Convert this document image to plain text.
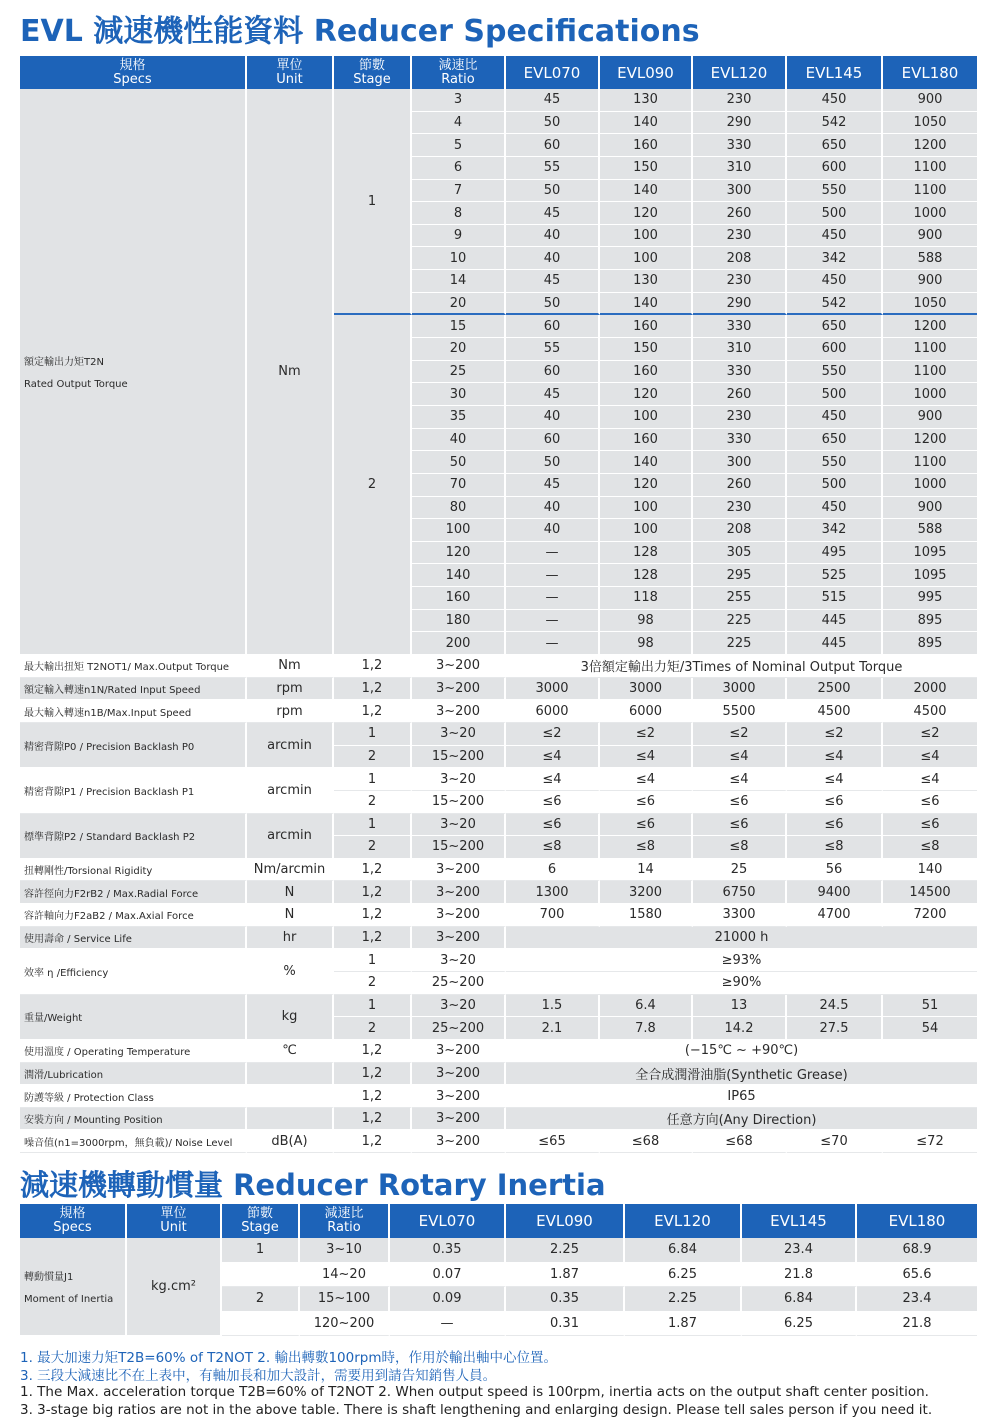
EVL 減速機性能資料 Reducer Specifications
規格
Specs	單位
Unit	節數
Stage	減速比
Ratio	EVL070	EVL090	EVL120	EVL145	EVL180
額定輸出力矩T2N

Rated Output Torque	Nm	1	3	45	130	230	450	900
			4	50	140	290	542	1050
			5	60	160	330	650	1200
			6	55	150	310	600	1100
			7	50	140	300	550	1100
			8	45	120	260	500	1000
			9	40	100	230	450	900
			10	40	100	208	342	588
			14	45	130	230	450	900
			20	50	140	290	542	1050
		2	15	60	160	330	650	1200
			20	55	150	310	600	1100
			25	60	160	330	550	1100
			30	45	120	260	500	1000
			35	40	100	230	450	900
			40	60	160	330	650	1200
			50	50	140	300	550	1100
			70	45	120	260	500	1000
			80	40	100	230	450	900
			100	40	100	208	342	588
			120	—	128	305	495	1095
			140	—	128	295	525	1095
			160	—	118	255	515	995
			180	—	98	225	445	895
			200	—	98	225	445	895
最大輸出扭矩 T2NOT1/ Max.Output Torque	Nm	1,2	3~200	3倍額定輸出力矩/3Times of Nominal Output Torque				
額定輸入轉速n1N/Rated Input Speed	rpm	1,2	3~200	3000	3000	3000	2500	2000
最大輸入轉速n1B/Max.Input Speed	rpm	1,2	3~200	6000	6000	5500	4500	4500
精密背隙P0 / Precision Backlash P0	arcmin	1	3~20	≤2	≤2	≤2	≤2	≤2
		2	15~200	≤4	≤4	≤4	≤4	≤4
精密背隙P1 / Precision Backlash P1	arcmin	1	3~20	≤4	≤4	≤4	≤4	≤4
		2	15~200	≤6	≤6	≤6	≤6	≤6
標準背隙P2 / Standard Backlash P2	arcmin	1	3~20	≤6	≤6	≤6	≤6	≤6
		2	15~200	≤8	≤8	≤8	≤8	≤8
扭轉剛性/Torsional Rigidity	Nm/arcmin	1,2	3~200	6	14	25	56	140
容許徑向力F2rB2 / Max.Radial Force	N	1,2	3~200	1300	3200	6750	9400	14500
容許軸向力F2aB2 / Max.Axial Force	N	1,2	3~200	700	1580	3300	4700	7200
使用壽命 / Service Life	hr	1,2	3~200	21000 h				
效率 η /Efficiency	%	1	3~20	≥93%				
		2	25~200	≥90%				
重量/Weight	kg	1	3~20	1.5	6.4	13	24.5	51
		2	25~200	2.1	7.8	14.2	27.5	54
使用溫度 / Operating Temperature	℃	1,2	3~200	(−15℃ ~ +90℃)				
潤滑/Lubrication		1,2	3~200	全合成潤滑油脂(Synthetic Grease)				
防護等級 / Protection Class		1,2	3~200	IP65				
安裝方向 / Mounting Position		1,2	3~200	任意方向(Any Direction)				
噪音值(n1=3000rpm，無負載)/ Noise Level	dB(A)	1,2	3~200	≤65	≤68	≤68	≤70	≤72
減速機轉動慣量 Reducer Rotary Inertia
規格
Specs	單位
Unit	節數
Stage	減速比
Ratio	EVL070	EVL090	EVL120	EVL145	EVL180
轉動慣量J1

Moment of Inertia	kg.cm²	1	3~10	0.35	2.25	6.84	23.4	68.9
			14~20	0.07	1.87	6.25	21.8	65.6
		2	15~100	0.09	0.35	2.25	6.84	23.4
			120~200	—	0.31	1.87	6.25	21.8
1. 最大加速力矩T2B=60% of T2NOT 2. 輸出轉數100rpm時，作用於輸出軸中心位置。
3. 三段大減速比不在上表中，有軸加長和加大設計，需要用到請告知銷售人員。
1. The Max. acceleration torque T2B=60% of T2NOT 2. When output speed is 100rpm, inertia acts on the output shaft center position.
3. 3-stage big ratios are not in the above table. There is shaft lengthening and enlarging design. Please tell sales person if you need it.
